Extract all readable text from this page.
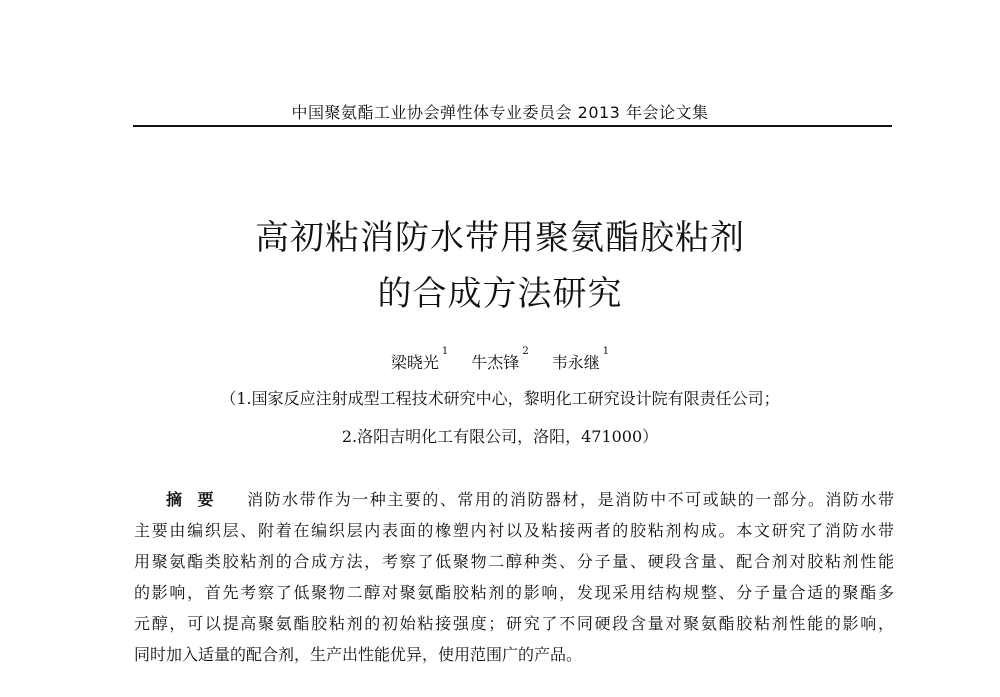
中国聚氨酯工业协会弹性体专业委员会 2013 年会论文集
高初粘消防水带用聚氨酯胶粘剂
的合成方法研究
梁晓光$^1$ 牛杰锋$^2$ 韦永继$^1$
（1.国家反应注射成型工程技术研究中心，黎明化工研究设计院有限责任公司；
2.洛阳吉明化工有限公司，洛阳，471000）
摘要 消防水带作为一种主要的、常用的消防器材，是消防中不可或缺的一部分。消防水带
主要由编织层、附着在编织层内表面的橡塑内衬以及粘接两者的胶粘剂构成。本文研究了消防水带
用聚氨酯类胶粘剂的合成方法，考察了低聚物二醇种类、分子量、硬段含量、配合剂对胶粘剂性能
的影响，首先考察了低聚物二醇对聚氨酯胶粘剂的影响，发现采用结构规整、分子量合适的聚酯多
元醇，可以提高聚氨酯胶粘剂的初始粘接强度；研究了不同硬段含量对聚氨酯胶粘剂性能的影响，
同时加入适量的配合剂，生产出性能优异，使用范围广的产品。
